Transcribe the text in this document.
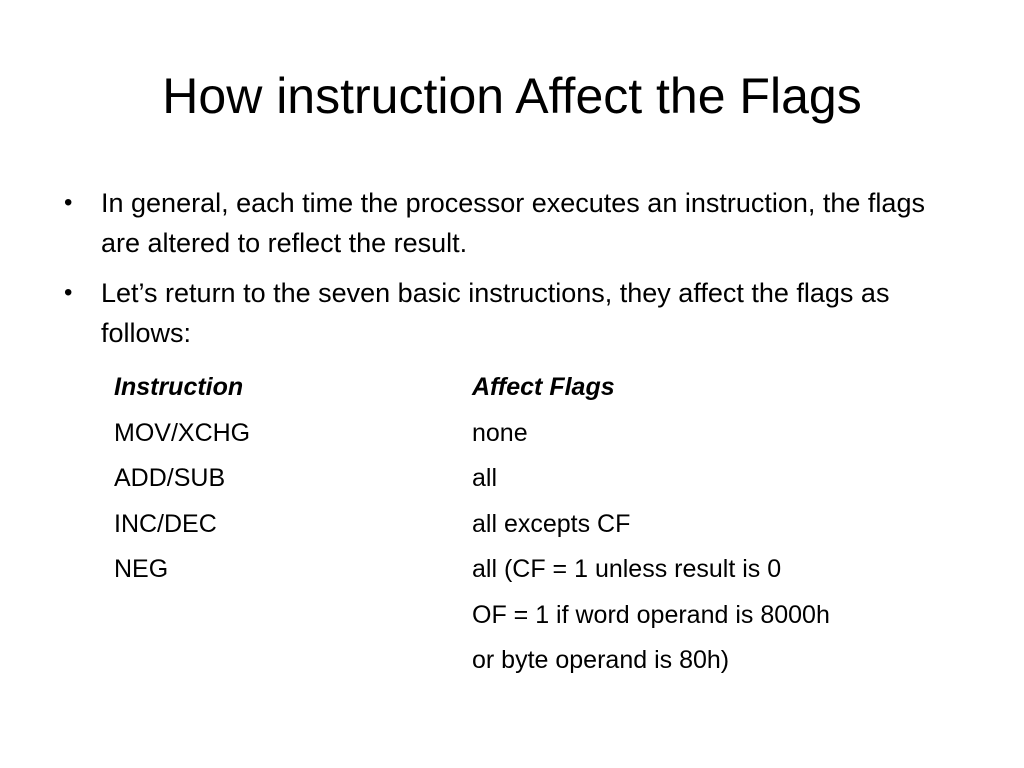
How instruction Affect the Flags
• In general, each time the processor executes an instruction, the flags are altered to reflect the result.
• Let’s return to the seven basic instructions, they affect the flags as follows:
Instruction	Affect Flags
MOV/XCHG	none
ADD/SUB	all
INC/DEC	all excepts CF
NEG	all (CF = 1 unless result is 0
	OF = 1 if word operand is 8000h
	or byte operand is 80h)
